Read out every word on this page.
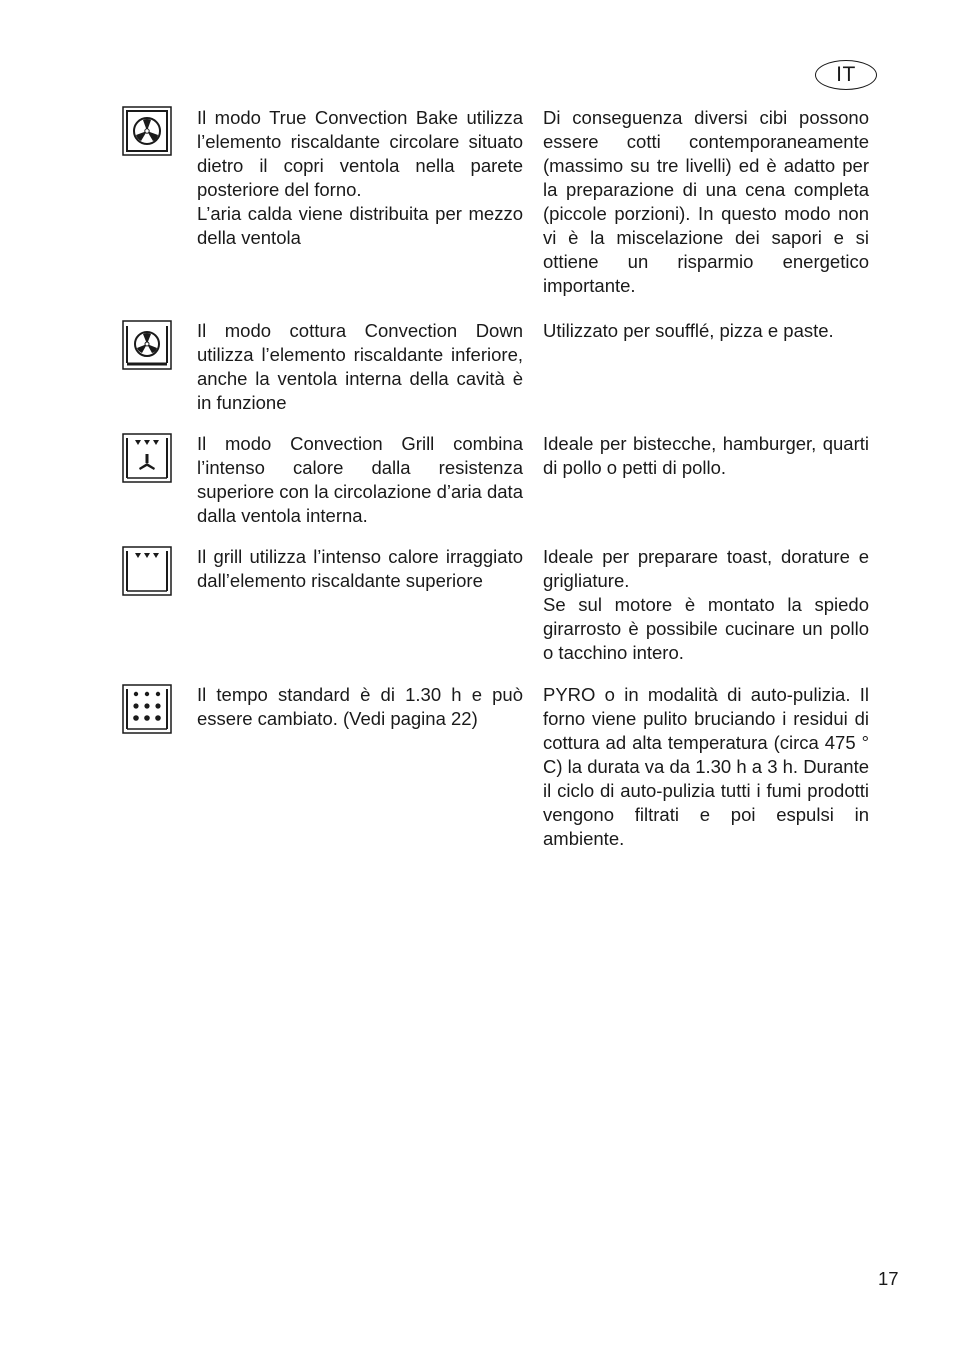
IT

Il modo True Convection Bake utilizza l’elemento riscaldante circolare situato dietro il copri ventola nella parete posteriore del forno.
L’aria calda viene distribuita per mezzo della ventola

Di conseguenza diversi cibi possono essere cotti contemporaneamente (massimo su tre livelli) ed è adatto per la preparazione di una cena completa (piccole porzioni). In questo modo non vi è la miscelazione dei sapori e si ottiene un risparmio energetico importante.

Il modo cottura Convection Down utilizza l’elemento riscaldante inferiore, anche la ventola interna della cavità è in funzione

Utilizzato per soufflé, pizza e paste.

Il modo Convection Grill combina l’intenso calore dalla resistenza superiore con la circolazione d’aria data dalla ventola interna.

Ideale per bistecche, hamburger, quarti di pollo o petti di pollo.

Il grill utilizza l’intenso calore irraggiato dall’elemento riscaldante superiore

Ideale per preparare toast, dorature e grigliature.
Se sul motore è montato la spiedo girarrosto è possibile cucinare un pollo o tacchino intero.

Il tempo standard è di 1.30 h e può essere cambiato. (Vedi pagina 22)

PYRO o in modalità di auto-pulizia. Il forno viene pulito bruciando i residui di cottura ad alta temperatura (circa 475 ° C) la durata va da 1.30 h a 3 h. Durante il ciclo di auto-pulizia tutti i fumi prodotti vengono filtrati e poi espulsi in ambiente.

17
